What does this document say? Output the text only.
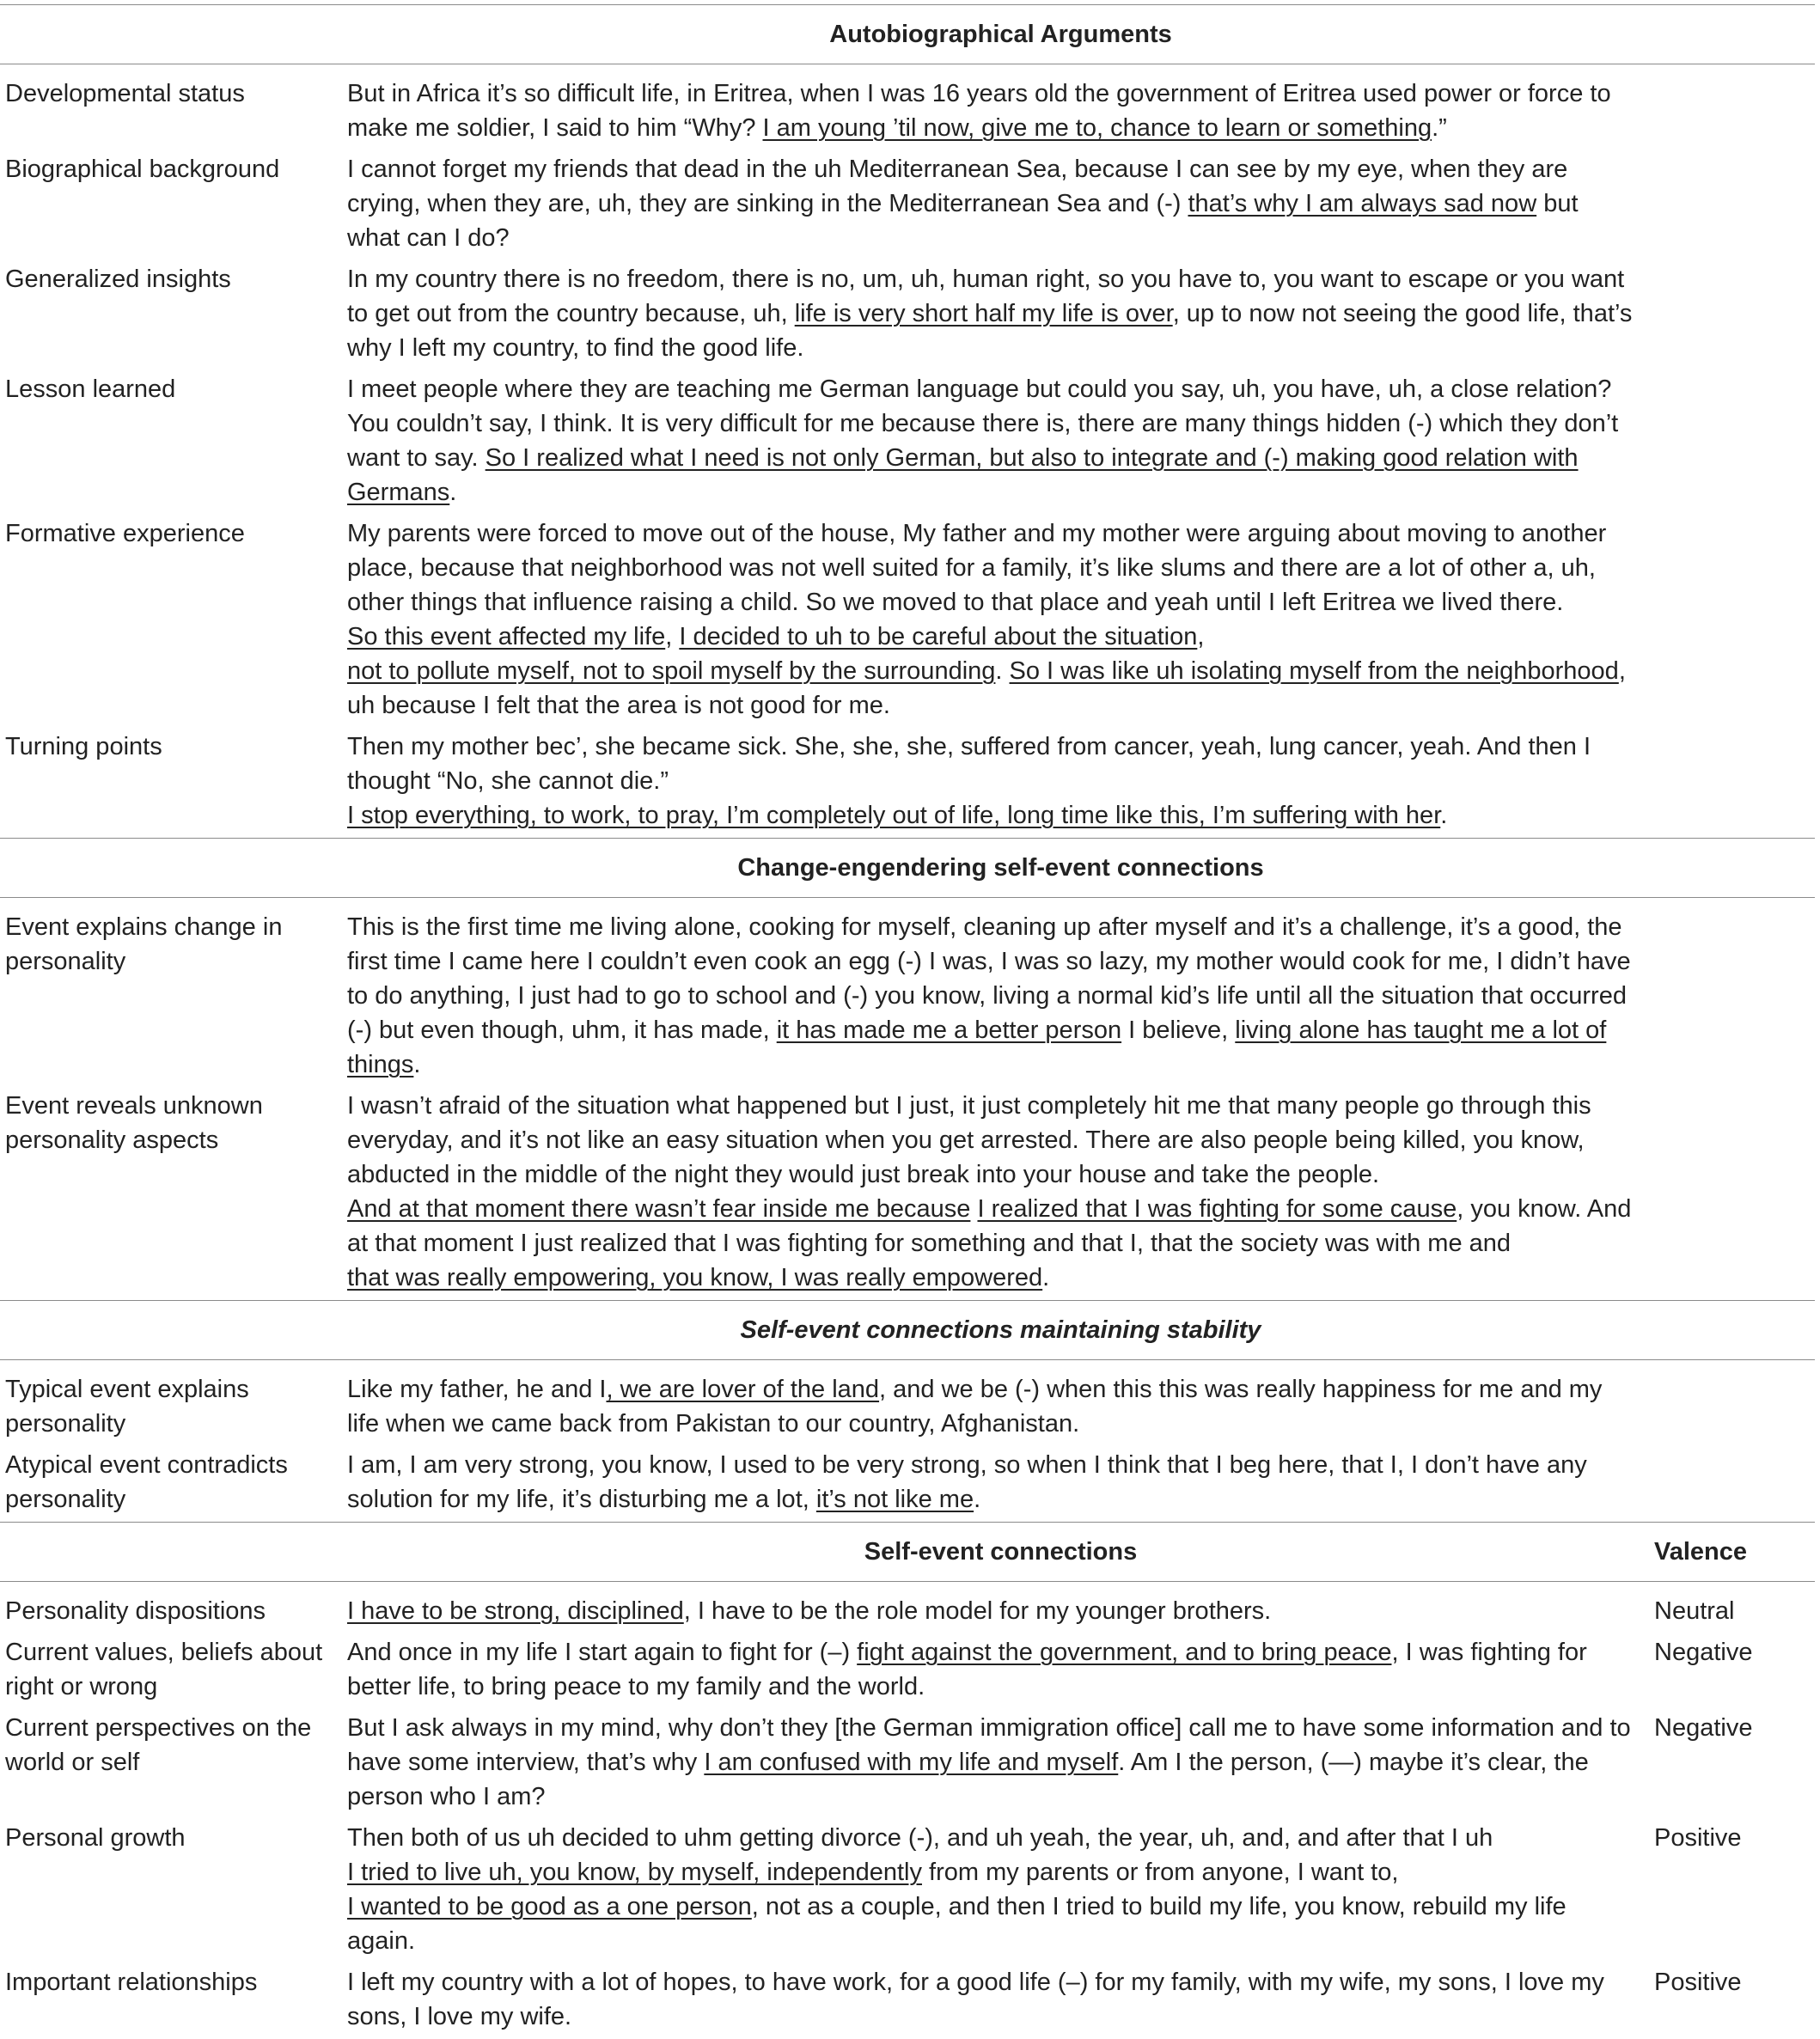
	Autobiographical Arguments	
Developmental status	But in Africa it’s so difficult life, in Eritrea, when I was 16 years old the government of Eritrea used power or force to make me soldier, I said to him “Why? I am young ’til now, give me to, chance to learn or something.”	
Biographical background	I cannot forget my friends that dead in the uh Mediterranean Sea, because I can see by my eye, when they are crying, when they are, uh, they are sinking in the Mediterranean Sea and (-) that’s why I am always sad now but what can I do?	
Generalized insights	In my country there is no freedom, there is no, um, uh, human right, so you have to, you want to escape or you want to get out from the country because, uh, life is very short half my life is over, up to now not seeing the good life, that’s why I left my country, to find the good life.	
Lesson learned	I meet people where they are teaching me German language but could you say, uh, you have, uh, a close relation? You couldn’t say, I think. It is very difficult for me because there is, there are many things hidden (-) which they don’t want to say. So I realized what I need is not only German, but also to integrate and (-) making good relation with Germans.	
Formative experience	My parents were forced to move out of the house, My father and my mother were arguing about moving to another place, because that neighborhood was not well suited for a family, it’s like slums and there are a lot of other a, uh, other things that influence raising a child. So we moved to that place and yeah until I left Eritrea we lived there.
So this event affected my life, I decided to uh to be careful about the situation,
not to pollute myself, not to spoil myself by the surrounding. So I was like uh isolating myself from the neighborhood, uh because I felt that the area is not good for me.	
Turning points	Then my mother bec’, she became sick. She, she, she, suffered from cancer, yeah, lung cancer, yeah. And then I thought “No, she cannot die.”
I stop everything, to work, to pray, I’m completely out of life, long time like this, I’m suffering with her.	
	Change-engendering self-event connections	
Event explains change in personality	This is the first time me living alone, cooking for myself, cleaning up after myself and it’s a challenge, it’s a good, the first time I came here I couldn’t even cook an egg (-) I was, I was so lazy, my mother would cook for me, I didn’t have to do anything, I just had to go to school and (-) you know, living a normal kid’s life until all the situation that occurred (-) but even though, uhm, it has made, it has made me a better person I believe, living alone has taught me a lot of things.	
Event reveals unknown personality aspects	I wasn’t afraid of the situation what happened but I just, it just completely hit me that many people go through this everyday, and it’s not like an easy situation when you get arrested. There are also people being killed, you know, abducted in the middle of the night they would just break into your house and take the people.
And at that moment there wasn’t fear inside me because I realized that I was fighting for some cause, you know. And at that moment I just realized that I was fighting for something and that I, that the society was with me and
that was really empowering, you know, I was really empowered.	
	Self-event connections maintaining stability	
Typical event explains personality	Like my father, he and I, we are lover of the land, and we be (-) when this this was really happiness for me and my life when we came back from Pakistan to our country, Afghanistan.	
Atypical event contradicts personality	I am, I am very strong, you know, I used to be very strong, so when I think that I beg here, that I, I don’t have any solution for my life, it’s disturbing me a lot, it’s not like me.	
	Self-event connections	Valence
Personality dispositions	I have to be strong, disciplined, I have to be the role model for my younger brothers.	Neutral
Current values, beliefs about right or wrong	And once in my life I start again to fight for (–) fight against the government, and to bring peace, I was fighting for better life, to bring peace to my family and the world.	Negative
Current perspectives on the world or self	But I ask always in my mind, why don’t they [the German immigration office] call me to have some information and to have some interview, that’s why I am confused with my life and myself. Am I the person, (—) maybe it’s clear, the person who I am?	Negative
Personal growth	Then both of us uh decided to uhm getting divorce (-), and uh yeah, the year, uh, and, and after that I uh
I tried to live uh, you know, by myself, independently from my parents or from anyone, I want to,
I wanted to be good as a one person, not as a couple, and then I tried to build my life, you know, rebuild my life again.	Positive
Important relationships	I left my country with a lot of hopes, to have work, for a good life (–) for my family, with my wife, my sons, I love my sons, I love my wife.	Positive
